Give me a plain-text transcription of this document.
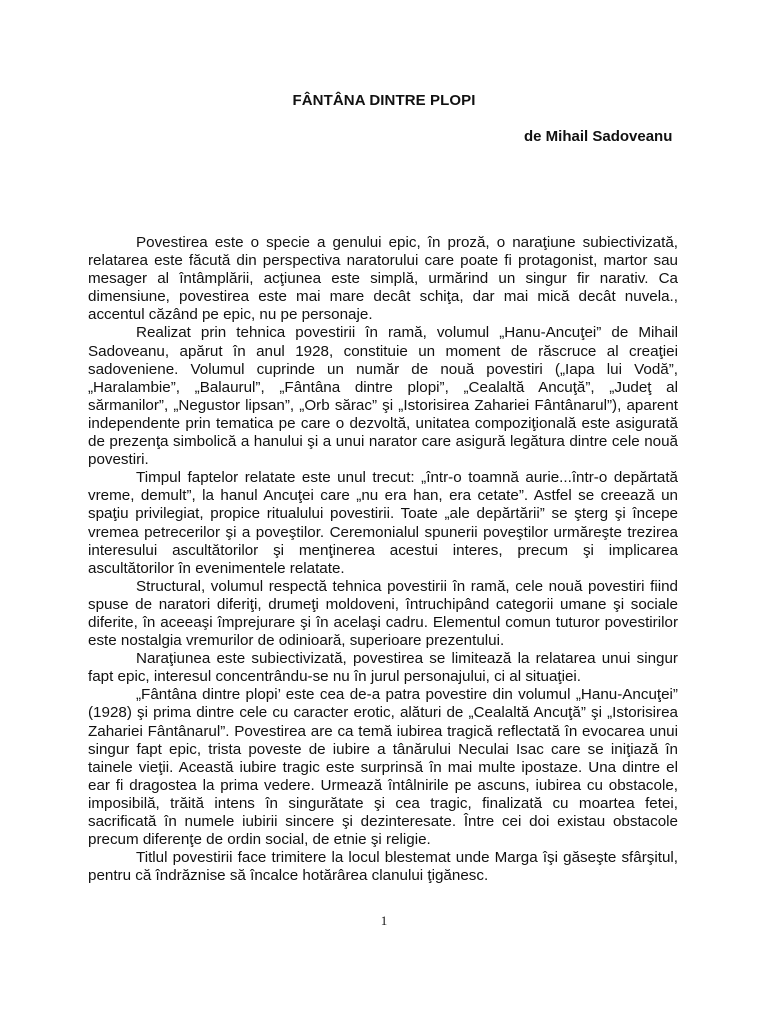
FÂNTÂNA DINTRE PLOPI
de Mihail Sadoveanu

Povestirea este o specie a genului epic, în proză, o naraţiune subiectivizată, relatarea este făcută din perspectiva naratorului care poate fi protagonist, martor sau mesager al întâmplării, acţiunea este simplă, urmărind un singur fir narativ. Ca dimensiune, povestirea este mai mare decât schiţa, dar mai mică decât nuvela., accentul căzând pe epic, nu pe personaje.

Realizat prin tehnica povestirii în ramă, volumul „Hanu-Ancuţei” de Mihail Sadoveanu, apărut în anul 1928, constituie un moment de răscruce al creaţiei sadoveniene. Volumul cuprinde un număr de nouă povestiri („Iapa lui Vodă”, „Haralambie”, „Balaurul”, „Fântâna dintre plopi”, „Cealaltă Ancuţă”, „Judeţ al sărmanilor”, „Negustor lipsan”, „Orb sărac” şi „Istorisirea Zahariei Fântânarul”), aparent independente prin tematica pe care o dezvoltă, unitatea compoziţională este asigurată de prezenţa simbolică a hanului şi a unui narator care asigură legătura dintre cele nouă povestiri.

Timpul faptelor relatate este unul trecut: „într-o toamnă aurie...într-o depărtată vreme, demult”, la hanul Ancuţei care „nu era han, era cetate”. Astfel se creează un spaţiu privilegiat, propice ritualului povestirii. Toate „ale depărtării” se şterg şi începe vremea petrecerilor şi a poveştilor. Ceremonialul spunerii poveştilor urmăreşte trezirea interesului ascultătorilor şi menţinerea acestui interes, precum şi implicarea ascultătorilor în evenimentele relatate.

Structural, volumul respectă tehnica povestirii în ramă, cele nouă povestiri fiind spuse de naratori diferiţi, drumeţi moldoveni, întruchipând categorii umane şi sociale diferite, în aceeaşi împrejurare şi în acelaşi cadru. Elementul comun tuturor povestirilor este nostalgia vremurilor de odinioară, superioare prezentului.

Naraţiunea este subiectivizată, povestirea se limitează la relatarea unui singur fapt epic, interesul concentrându-se nu în jurul personajului, ci al situaţiei.

„Fântâna dintre plopi’ este cea de-a patra povestire din volumul „Hanu-Ancuţei” (1928) şi prima dintre cele cu caracter erotic, alături de „Cealaltă Ancuţă” şi „Istorisirea Zahariei Fântânarul”. Povestirea are ca temă iubirea tragică reflectată în evocarea unui singur fapt epic, trista poveste de iubire a tânărului Neculai Isac care se iniţiază în tainele vieţii. Această iubire tragic este surprinsă în mai multe ipostaze. Una dintre el ear fi dragostea la prima vedere. Urmează întâlnirile pe ascuns, iubirea cu obstacole, imposibilă, trăită intens în singurătate şi cea tragic, finalizată cu moartea fetei, sacrificată în numele iubirii sincere şi dezinteresate. Între cei doi existau obstacole precum diferenţe de ordin social, de etnie şi religie.

Titlul povestirii face trimitere la locul blestemat unde Marga îşi găseşte sfârşitul, pentru că îndrăznise să încalce hotărârea clanului ţigănesc.

1
